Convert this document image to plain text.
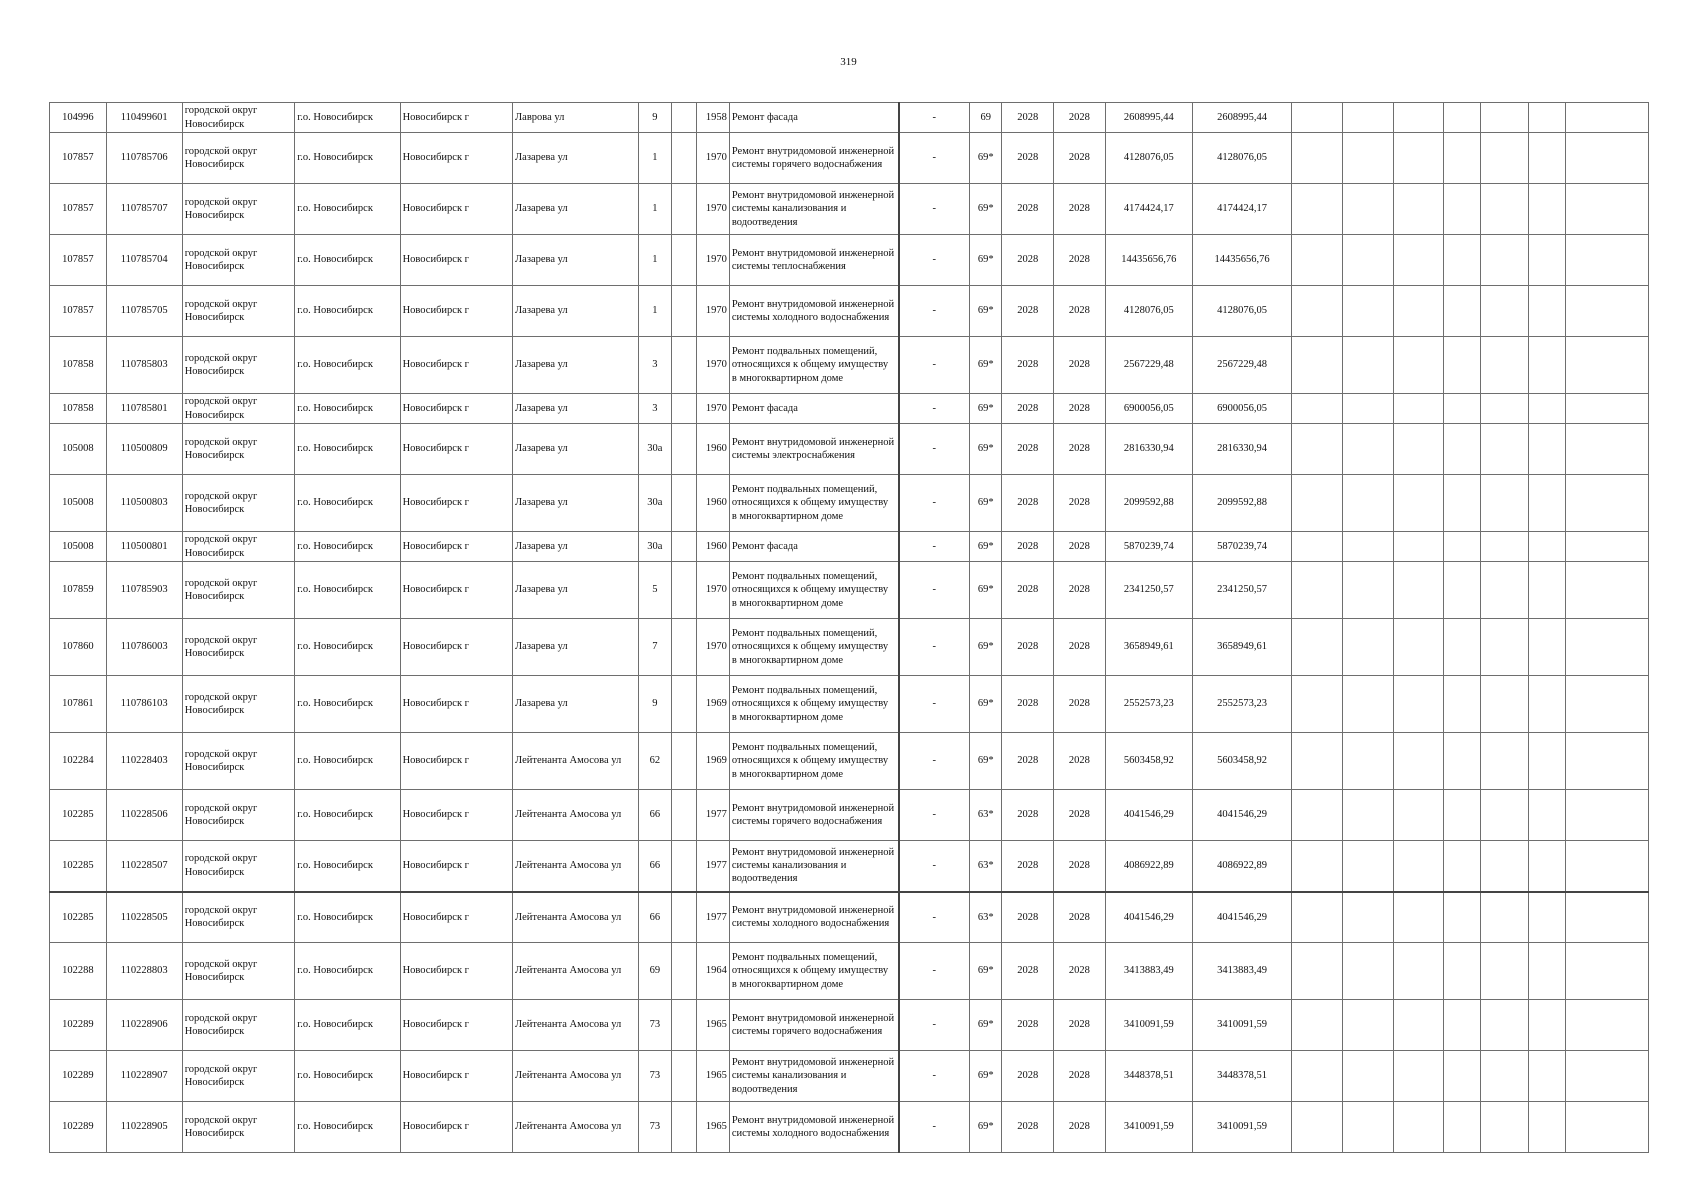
319
104996	110499601	городской округ Новосибирск	г.о. Новосибирск	Новосибирск г	Лаврова ул	9		1958	Ремонт фасада	-	69	2028	2028	2608995,44	2608995,44							
107857	110785706	городской округ Новосибирск	г.о. Новосибирск	Новосибирск г	Лазарева ул	1		1970	Ремонт внутридомовой инженерной системы горячего водоснабжения	-	69*	2028	2028	4128076,05	4128076,05							
107857	110785707	городской округ Новосибирск	г.о. Новосибирск	Новосибирск г	Лазарева ул	1		1970	Ремонт внутридомовой инженерной системы канализования и водоотведения	-	69*	2028	2028	4174424,17	4174424,17							
107857	110785704	городской округ Новосибирск	г.о. Новосибирск	Новосибирск г	Лазарева ул	1		1970	Ремонт внутридомовой инженерной системы теплоснабжения	-	69*	2028	2028	14435656,76	14435656,76							
107857	110785705	городской округ Новосибирск	г.о. Новосибирск	Новосибирск г	Лазарева ул	1		1970	Ремонт внутридомовой инженерной системы холодного водоснабжения	-	69*	2028	2028	4128076,05	4128076,05							
107858	110785803	городской округ Новосибирск	г.о. Новосибирск	Новосибирск г	Лазарева ул	3		1970	Ремонт подвальных помещений, относящихся к общему имуществу в многоквартирном доме	-	69*	2028	2028	2567229,48	2567229,48							
107858	110785801	городской округ Новосибирск	г.о. Новосибирск	Новосибирск г	Лазарева ул	3		1970	Ремонт фасада	-	69*	2028	2028	6900056,05	6900056,05							
105008	110500809	городской округ Новосибирск	г.о. Новосибирск	Новосибирск г	Лазарева ул	30а		1960	Ремонт внутридомовой инженерной системы электроснабжения	-	69*	2028	2028	2816330,94	2816330,94							
105008	110500803	городской округ Новосибирск	г.о. Новосибирск	Новосибирск г	Лазарева ул	30а		1960	Ремонт подвальных помещений, относящихся к общему имуществу в многоквартирном доме	-	69*	2028	2028	2099592,88	2099592,88							
105008	110500801	городской округ Новосибирск	г.о. Новосибирск	Новосибирск г	Лазарева ул	30а		1960	Ремонт фасада	-	69*	2028	2028	5870239,74	5870239,74							
107859	110785903	городской округ Новосибирск	г.о. Новосибирск	Новосибирск г	Лазарева ул	5		1970	Ремонт подвальных помещений, относящихся к общему имуществу в многоквартирном доме	-	69*	2028	2028	2341250,57	2341250,57							
107860	110786003	городской округ Новосибирск	г.о. Новосибирск	Новосибирск г	Лазарева ул	7		1970	Ремонт подвальных помещений, относящихся к общему имуществу в многоквартирном доме	-	69*	2028	2028	3658949,61	3658949,61							
107861	110786103	городской округ Новосибирск	г.о. Новосибирск	Новосибирск г	Лазарева ул	9		1969	Ремонт подвальных помещений, относящихся к общему имуществу в многоквартирном доме	-	69*	2028	2028	2552573,23	2552573,23							
102284	110228403	городской округ Новосибирск	г.о. Новосибирск	Новосибирск г	Лейтенанта Амосова ул	62		1969	Ремонт подвальных помещений, относящихся к общему имуществу в многоквартирном доме	-	69*	2028	2028	5603458,92	5603458,92							
102285	110228506	городской округ Новосибирск	г.о. Новосибирск	Новосибирск г	Лейтенанта Амосова ул	66		1977	Ремонт внутридомовой инженерной системы горячего водоснабжения	-	63*	2028	2028	4041546,29	4041546,29							
102285	110228507	городской округ Новосибирск	г.о. Новосибирск	Новосибирск г	Лейтенанта Амосова ул	66		1977	Ремонт внутридомовой инженерной системы канализования и водоотведения	-	63*	2028	2028	4086922,89	4086922,89							
102285	110228505	городской округ Новосибирск	г.о. Новосибирск	Новосибирск г	Лейтенанта Амосова ул	66		1977	Ремонт внутридомовой инженерной системы холодного водоснабжения	-	63*	2028	2028	4041546,29	4041546,29							
102288	110228803	городской округ Новосибирск	г.о. Новосибирск	Новосибирск г	Лейтенанта Амосова ул	69		1964	Ремонт подвальных помещений, относящихся к общему имуществу в многоквартирном доме	-	69*	2028	2028	3413883,49	3413883,49							
102289	110228906	городской округ Новосибирск	г.о. Новосибирск	Новосибирск г	Лейтенанта Амосова ул	73		1965	Ремонт внутридомовой инженерной системы горячего водоснабжения	-	69*	2028	2028	3410091,59	3410091,59							
102289	110228907	городской округ Новосибирск	г.о. Новосибирск	Новосибирск г	Лейтенанта Амосова ул	73		1965	Ремонт внутридомовой инженерной системы канализования и водоотведения	-	69*	2028	2028	3448378,51	3448378,51							
102289	110228905	городской округ Новосибирск	г.о. Новосибирск	Новосибирск г	Лейтенанта Амосова ул	73		1965	Ремонт внутридомовой инженерной системы холодного водоснабжения	-	69*	2028	2028	3410091,59	3410091,59							
